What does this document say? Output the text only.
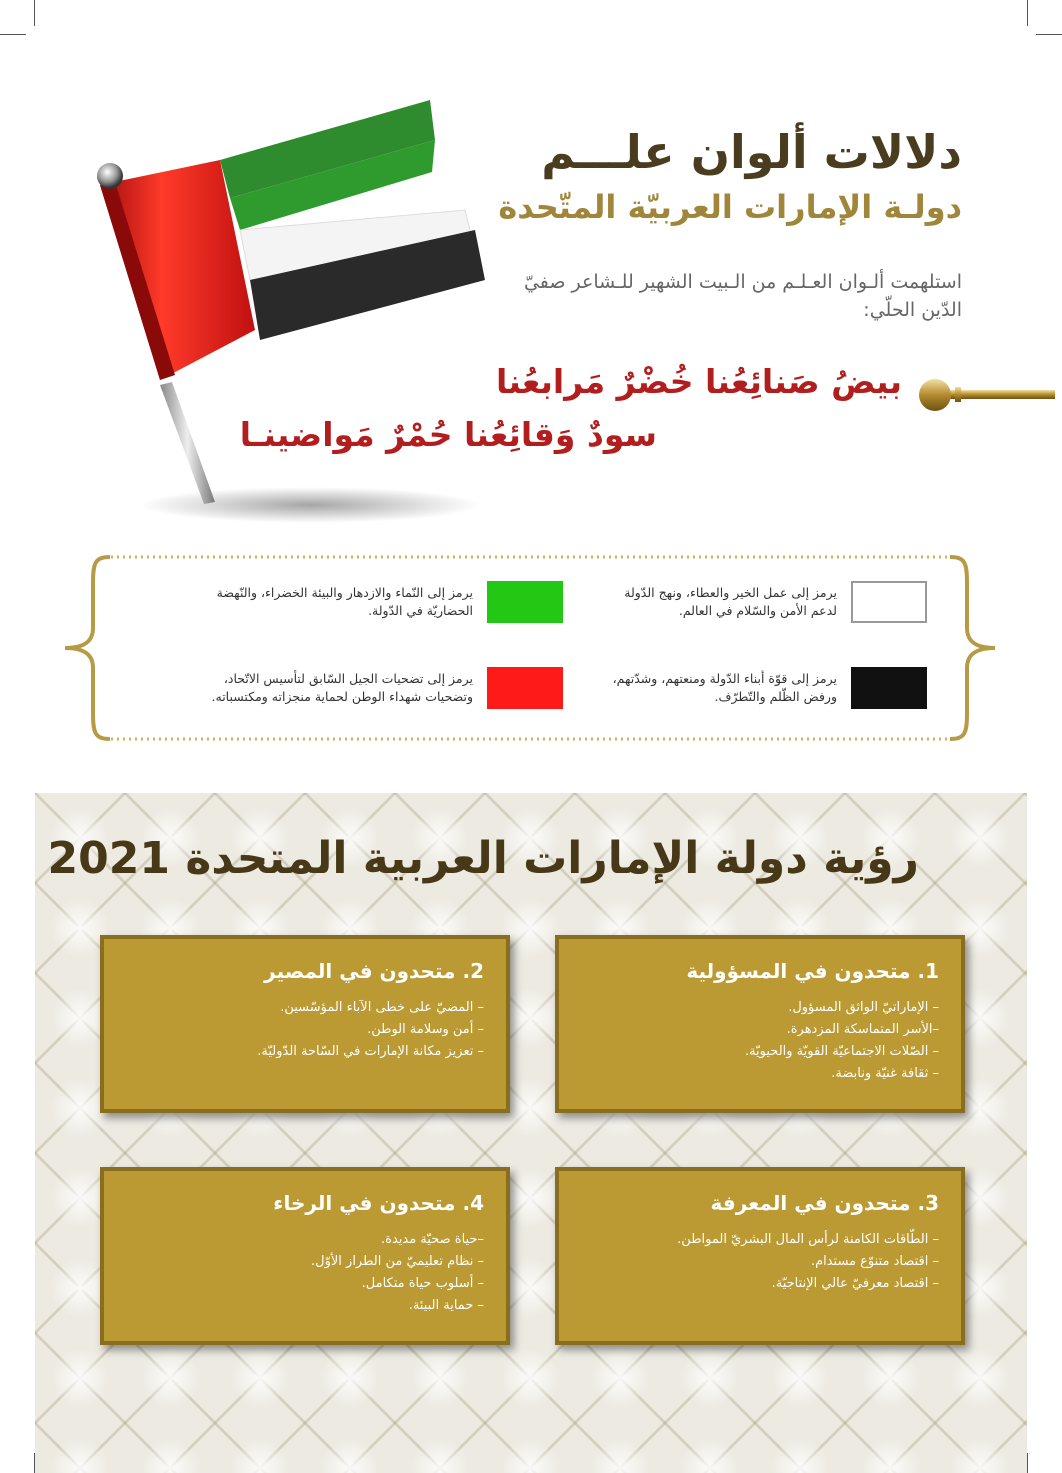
دلالات ألوان علـــم
دولـة الإمارات العربيّة المتّحدة
استلهمت ألـوان العـلـم من الـبيت الشهير للـشاعر صفيّ الدّين الحلّي:
بيضُ صَنائِعُنا خُضْرٌ مَرابعُنا
سودٌ وَقائِعُنا حُمْرٌ مَواضينـا
يرمز إلى عمل الخير والعطاء، ونهج الدّولة لدعم الأمن والسّلام في العالم.
يرمز إلى النّماء والازدهار والبيئة الخضراء، والنّهضة الحضاريّة في الدّولة.
يرمز إلى قوّة أبناء الدّولة ومنعتهم، وشدّتهم، ورفض الظّلم والتّطرّف.
يرمز إلى تضحيات الجيل السّابق لتأسيس الاتّحاد، وتضحيات شهداء الوطن لحماية منجزاته ومكتسباته.
رؤية دولة الإمارات العربية المتحدة 2021
1. متحدون في المسؤولية
– الإماراتيّ الواثق المسؤول.
–الأسر المتماسكة المزدهرة.
– الصّلات الاجتماعيّة القويّة والحيويّة.
– ثقافة غنيّة ونابضة.
2. متحدون في المصير
– المضيّ على خطى الآباء المؤسّسين.
– أمن وسلامة الوطن.
– تعزيز مكانة الإمارات في السّاحة الدّوليّة.
3. متحدون في المعرفة
– الطّاقات الكامنة لرأس المال البشريّ المواطن.
– اقتصاد متنوّع مستدام.
– اقتصاد معرفيّ عالي الإنتاجيّة.
4. متحدون في الرخاء
–حياة صحيّة مديدة.
– نظام تعليميّ من الطراز الأوّل.
– أسلوب حياة متكامل.
– حماية البيئة.
